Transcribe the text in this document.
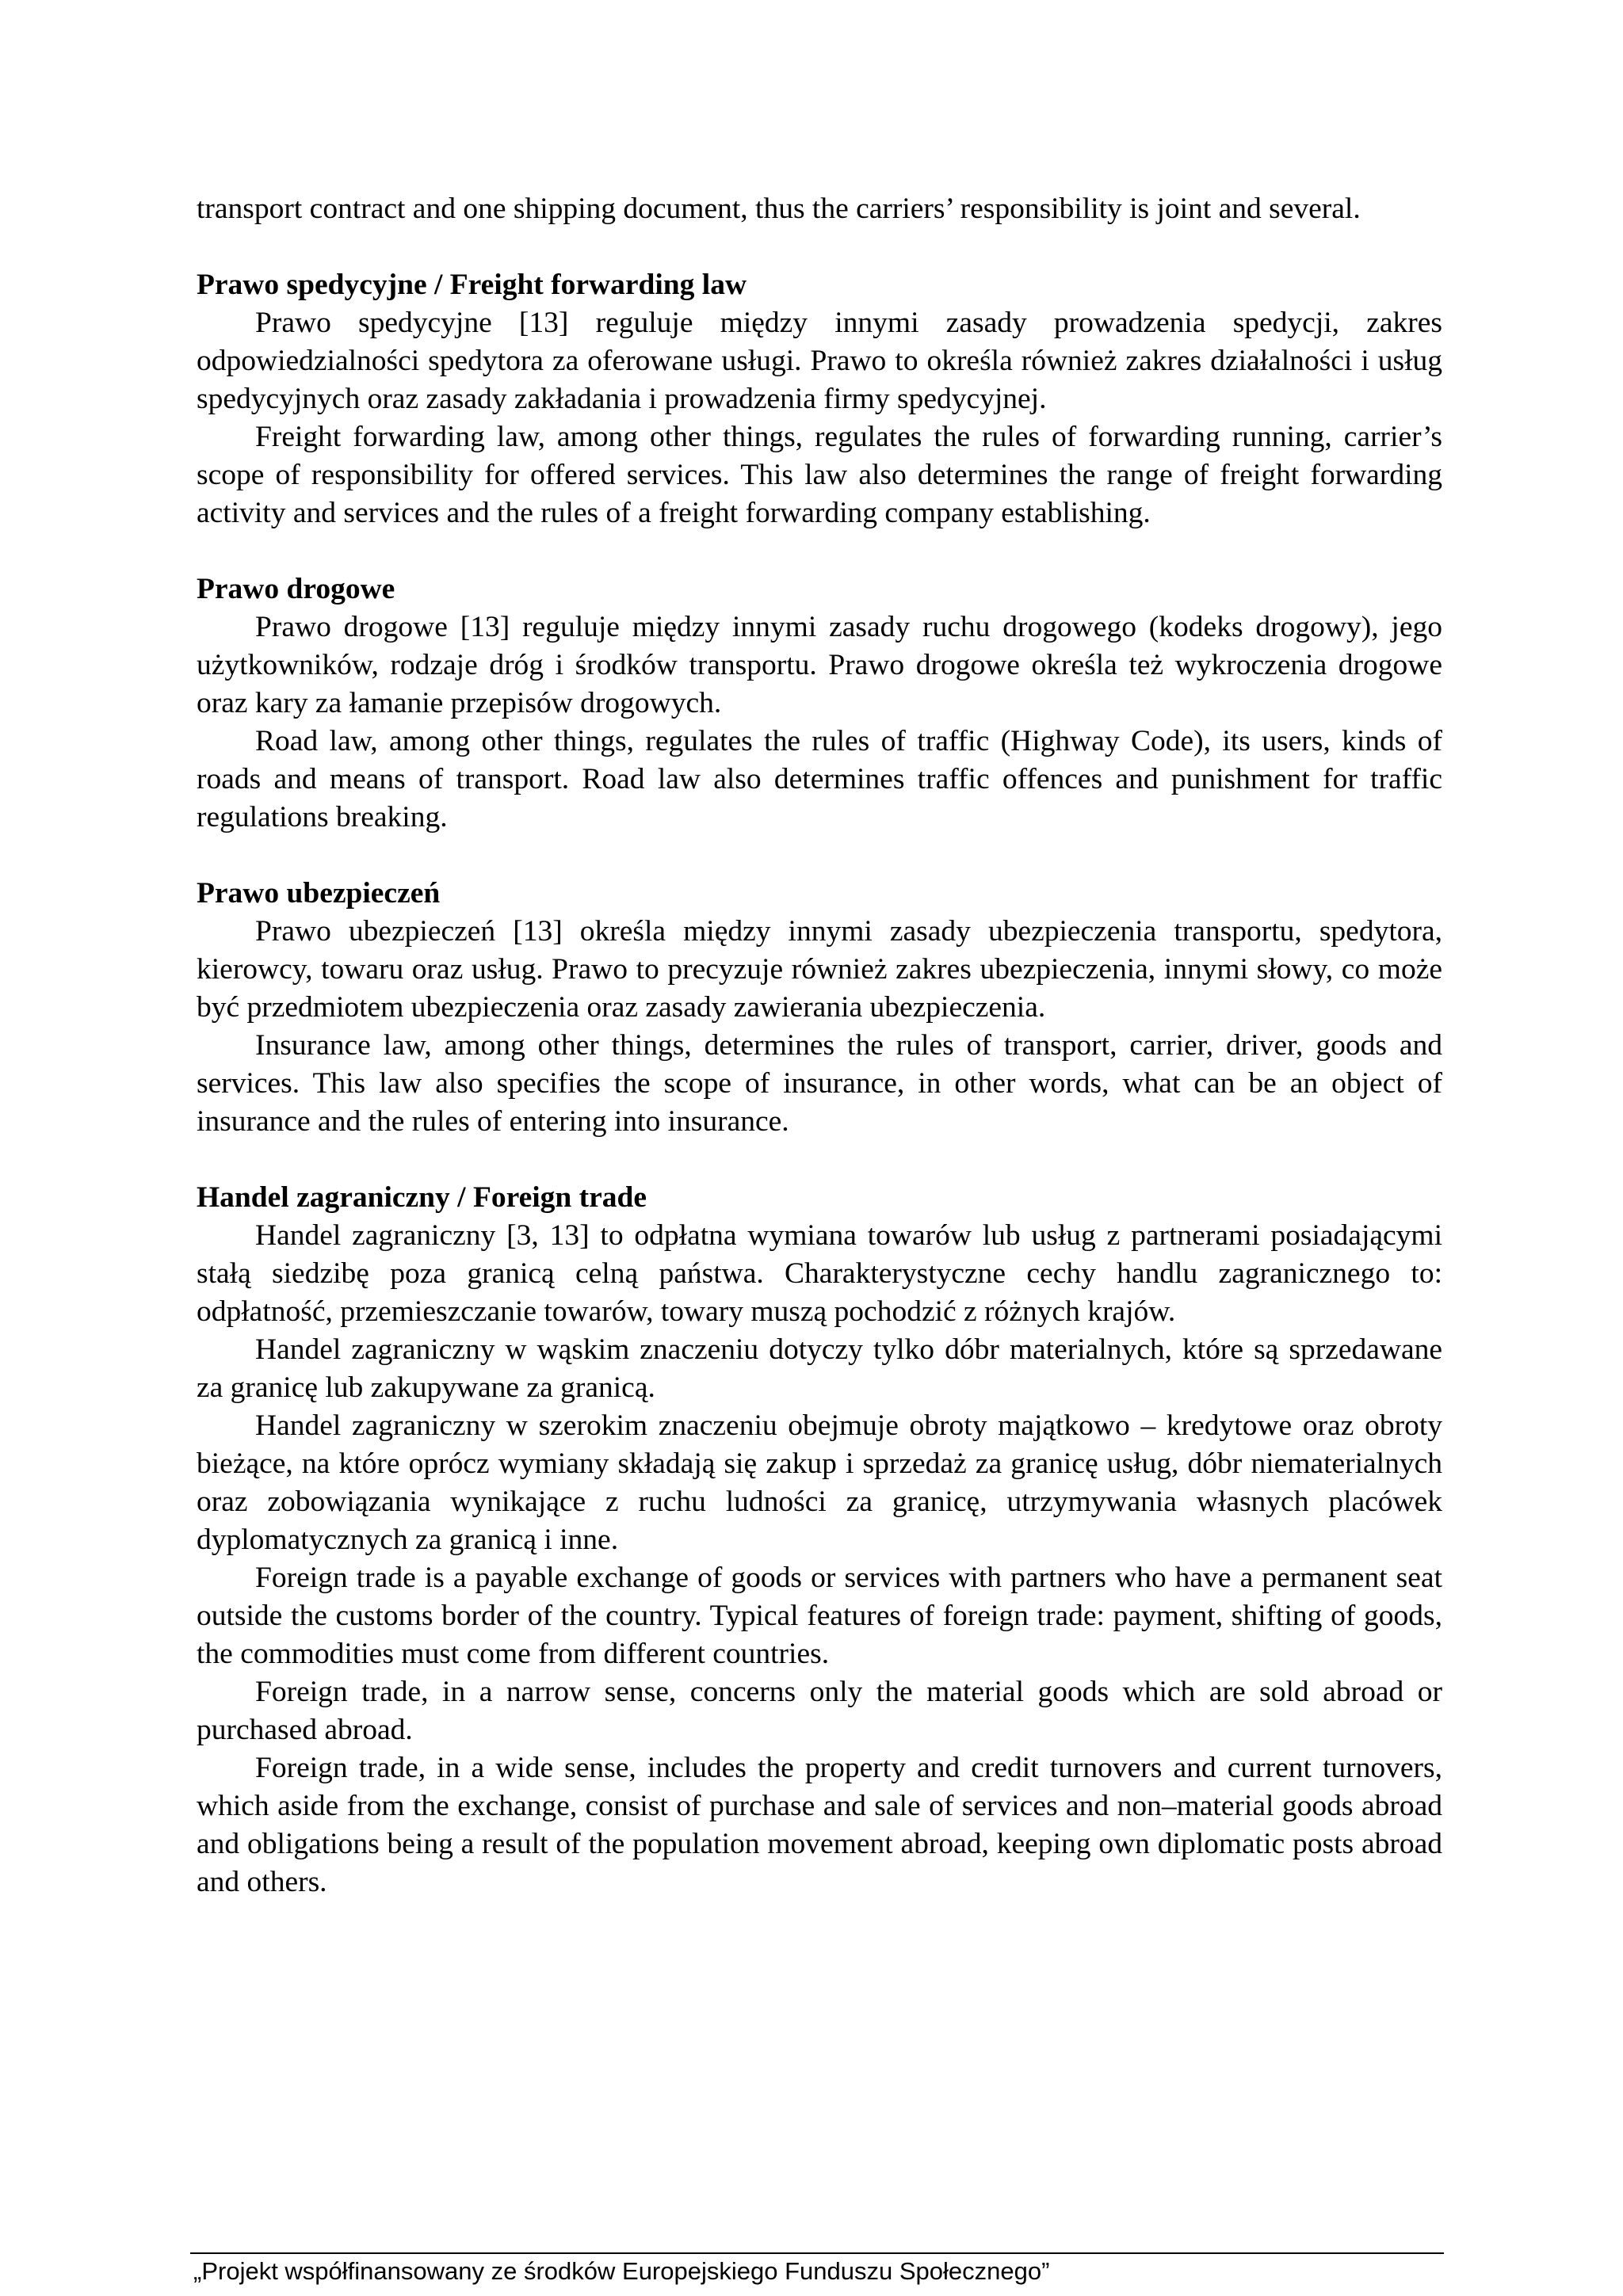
transport contract and one shipping document, thus the carriers’ responsibility is joint and several.

Prawo spedycyjne / Freight forwarding law

Prawo spedycyjne [13] reguluje między innymi zasady prowadzenia spedycji, zakres odpowiedzialności spedytora za oferowane usługi. Prawo to określa również zakres działalności i usług spedycyjnych oraz zasady zakładania i prowadzenia firmy spedycyjnej.

Freight forwarding law, among other things, regulates the rules of forwarding running, carrier’s scope of responsibility for offered services. This law also determines the range of freight forwarding activity and services and the rules of a freight forwarding company establishing.

Prawo drogowe

Prawo drogowe [13] reguluje między innymi zasady ruchu drogowego (kodeks drogowy), jego użytkowników, rodzaje dróg i środków transportu. Prawo drogowe określa też wykroczenia drogowe oraz kary za łamanie przepisów drogowych.

Road law, among other things, regulates the rules of traffic (Highway Code), its users, kinds of roads and means of transport. Road law also determines traffic offences and punishment for traffic regulations breaking.

Prawo ubezpieczeń

Prawo ubezpieczeń [13] określa między innymi zasady ubezpieczenia transportu, spedytora, kierowcy, towaru oraz usług. Prawo to precyzuje również zakres ubezpieczenia, innymi słowy, co może być przedmiotem ubezpieczenia oraz zasady zawierania ubezpieczenia.

Insurance law, among other things, determines the rules of transport, carrier, driver, goods and services. This law also specifies the scope of insurance, in other words, what can be an object of insurance and the rules of entering into insurance.

Handel zagraniczny / Foreign trade

Handel zagraniczny [3, 13] to odpłatna wymiana towarów lub usług z partnerami posiadającymi stałą siedzibę poza granicą celną państwa. Charakterystyczne cechy handlu zagranicznego to: odpłatność, przemieszczanie towarów, towary muszą pochodzić z różnych krajów.

Handel zagraniczny w wąskim znaczeniu dotyczy tylko dóbr materialnych, które są sprzedawane za granicę lub zakupywane za granicą.

Handel zagraniczny w szerokim znaczeniu obejmuje obroty majątkowo – kredytowe oraz obroty bieżące, na które oprócz wymiany składają się zakup i sprzedaż za granicę usług, dóbr niematerialnych oraz zobowiązania wynikające z ruchu ludności za granicę, utrzymywania własnych placówek dyplomatycznych za granicą i inne.

Foreign trade is a payable exchange of goods or services with partners who have a permanent seat outside the customs border of the country. Typical features of foreign trade: payment, shifting of goods, the commodities must come from different countries.

Foreign trade, in a narrow sense, concerns only the material goods which are sold abroad or purchased abroad.

Foreign trade, in a wide sense, includes the property and credit turnovers and current turnovers, which aside from the exchange, consist of purchase and sale of services and non–material goods abroad and obligations being a result of the population movement abroad, keeping own diplomatic posts abroad and others.

„Projekt współfinansowany ze środków Europejskiego Funduszu Społecznego”
